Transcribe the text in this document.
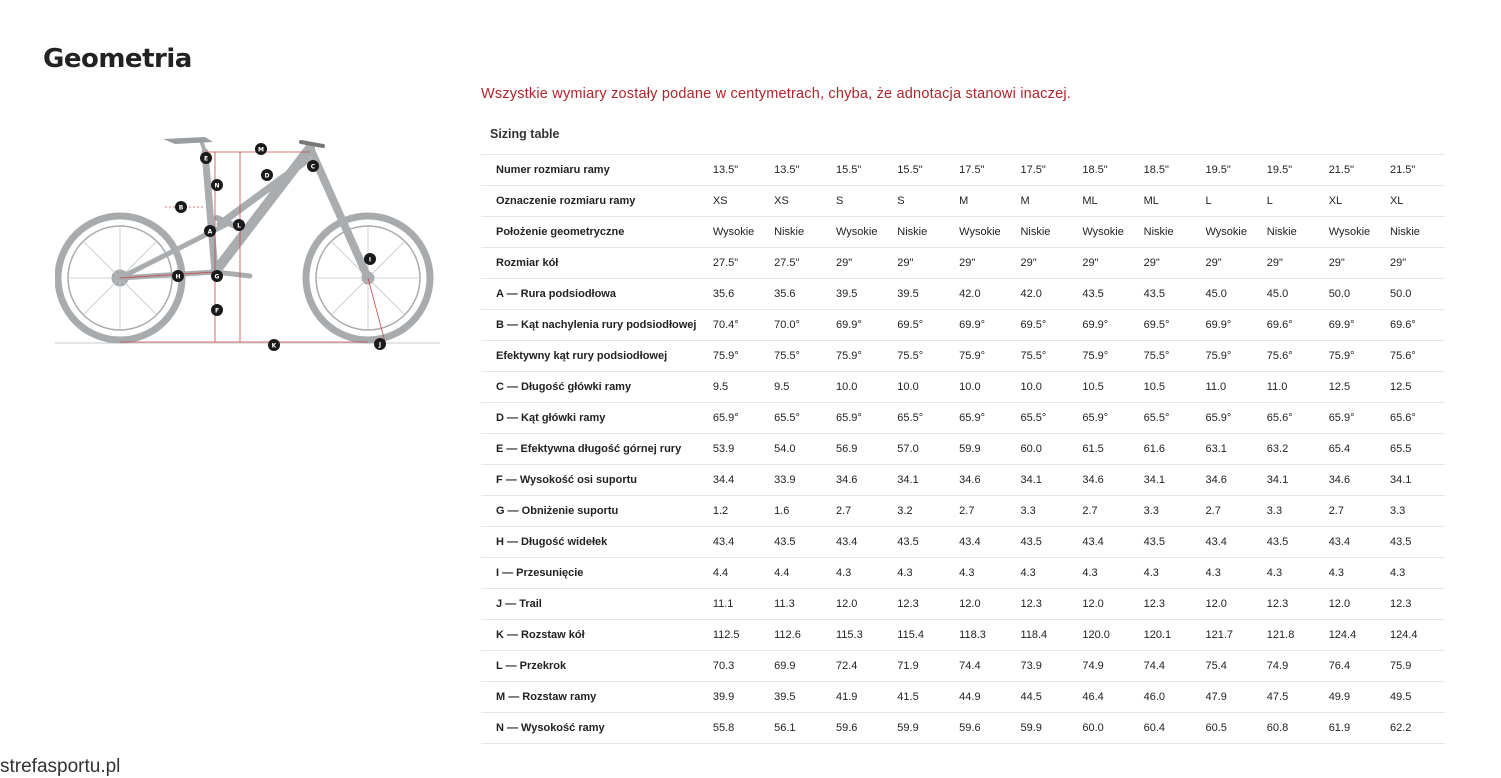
Geometria
Wszystkie wymiary zostały podane w centymetrach, chyba, że adnotacja stanowi inaczej.
M
E
C
D
N
B
A
L
I
H	G
F
K	J
Sizing table
Numer rozmiaru ramy	13.5"	13.5"	15.5"	15.5"	17.5"	17.5"	18.5"	18.5"	19.5"	19.5"	21.5"	21.5"
Oznaczenie rozmiaru ramy	XS	XS	S	S	M	M	ML	ML	L	L	XL	XL
Położenie geometryczne	Wysokie	Niskie	Wysokie	Niskie	Wysokie	Niskie	Wysokie	Niskie	Wysokie	Niskie	Wysokie	Niskie
Rozmiar kół	27.5"	27.5"	29"	29"	29"	29"	29"	29"	29"	29"	29"	29"
A — Rura podsiodłowa	35.6	35.6	39.5	39.5	42.0	42.0	43.5	43.5	45.0	45.0	50.0	50.0
B — Kąt nachylenia rury podsiodłowej	70.4°	70.0°	69.9°	69.5°	69.9°	69.5°	69.9°	69.5°	69.9°	69.6°	69.9°	69.6°
Efektywny kąt rury podsiodłowej	75.9°	75.5°	75.9°	75.5°	75.9°	75.5°	75.9°	75.5°	75.9°	75.6°	75.9°	75.6°
C — Długość główki ramy	9.5	9.5	10.0	10.0	10.0	10.0	10.5	10.5	11.0	11.0	12.5	12.5
D — Kąt główki ramy	65.9°	65.5°	65.9°	65.5°	65.9°	65.5°	65.9°	65.5°	65.9°	65.6°	65.9°	65.6°
E — Efektywna długość górnej rury	53.9	54.0	56.9	57.0	59.9	60.0	61.5	61.6	63.1	63.2	65.4	65.5
F — Wysokość osi suportu	34.4	33.9	34.6	34.1	34.6	34.1	34.6	34.1	34.6	34.1	34.6	34.1
G — Obniżenie suportu	1.2	1.6	2.7	3.2	2.7	3.3	2.7	3.3	2.7	3.3	2.7	3.3
H — Długość widełek	43.4	43.5	43.4	43.5	43.4	43.5	43.4	43.5	43.4	43.5	43.4	43.5
I — Przesunięcie	4.4	4.4	4.3	4.3	4.3	4.3	4.3	4.3	4.3	4.3	4.3	4.3
J — Trail	11.1	11.3	12.0	12.3	12.0	12.3	12.0	12.3	12.0	12.3	12.0	12.3
K — Rozstaw kół	112.5	112.6	115.3	115.4	118.3	118.4	120.0	120.1	121.7	121.8	124.4	124.4
L — Przekrok	70.3	69.9	72.4	71.9	74.4	73.9	74.9	74.4	75.4	74.9	76.4	75.9
M — Rozstaw ramy	39.9	39.5	41.9	41.5	44.9	44.5	46.4	46.0	47.9	47.5	49.9	49.5
N — Wysokość ramy	55.8	56.1	59.6	59.9	59.6	59.9	60.0	60.4	60.5	60.8	61.9	62.2
strefasportu.pl
